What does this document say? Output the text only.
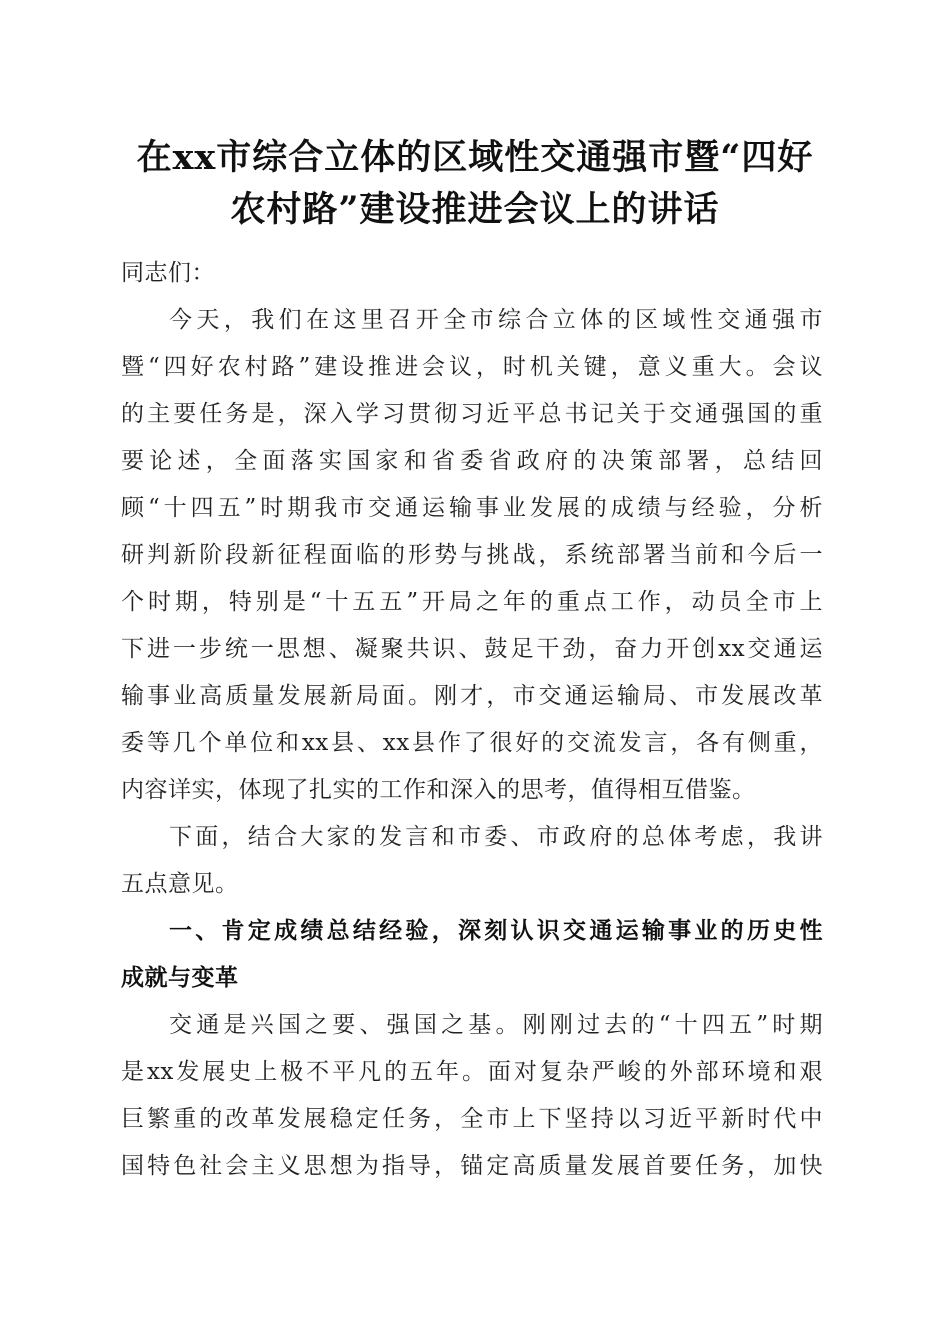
在xx市综合立体的区域性交通强市暨“四好
农村路”建设推进会议上的讲话
同志们：
今天，我们在这里召开全市综合立体的区域性交通强市
暨“四好农村路”建设推进会议，时机关键，意义重大。会议
的主要任务是，深入学习贯彻习近平总书记关于交通强国的重
要论述，全面落实国家和省委省政府的决策部署，总结回
顾“十四五”时期我市交通运输事业发展的成绩与经验，分析
研判新阶段新征程面临的形势与挑战，系统部署当前和今后一
个时期，特别是“十五五”开局之年的重点工作，动员全市上
下进一步统一思想、凝聚共识、鼓足干劲，奋力开创xx交通运
输事业高质量发展新局面。刚才，市交通运输局、市发展改革
委等几个单位和xx县、xx县作了很好的交流发言，各有侧重，
内容详实，体现了扎实的工作和深入的思考，值得相互借鉴。
下面，结合大家的发言和市委、市政府的总体考虑，我讲
五点意见。
一、肯定成绩总结经验，深刻认识交通运输事业的历史性
成就与变革
交通是兴国之要、强国之基。刚刚过去的“十四五”时期
是xx发展史上极不平凡的五年。面对复杂严峻的外部环境和艰
巨繁重的改革发展稳定任务，全市上下坚持以习近平新时代中
国特色社会主义思想为指导，锚定高质量发展首要任务，加快
